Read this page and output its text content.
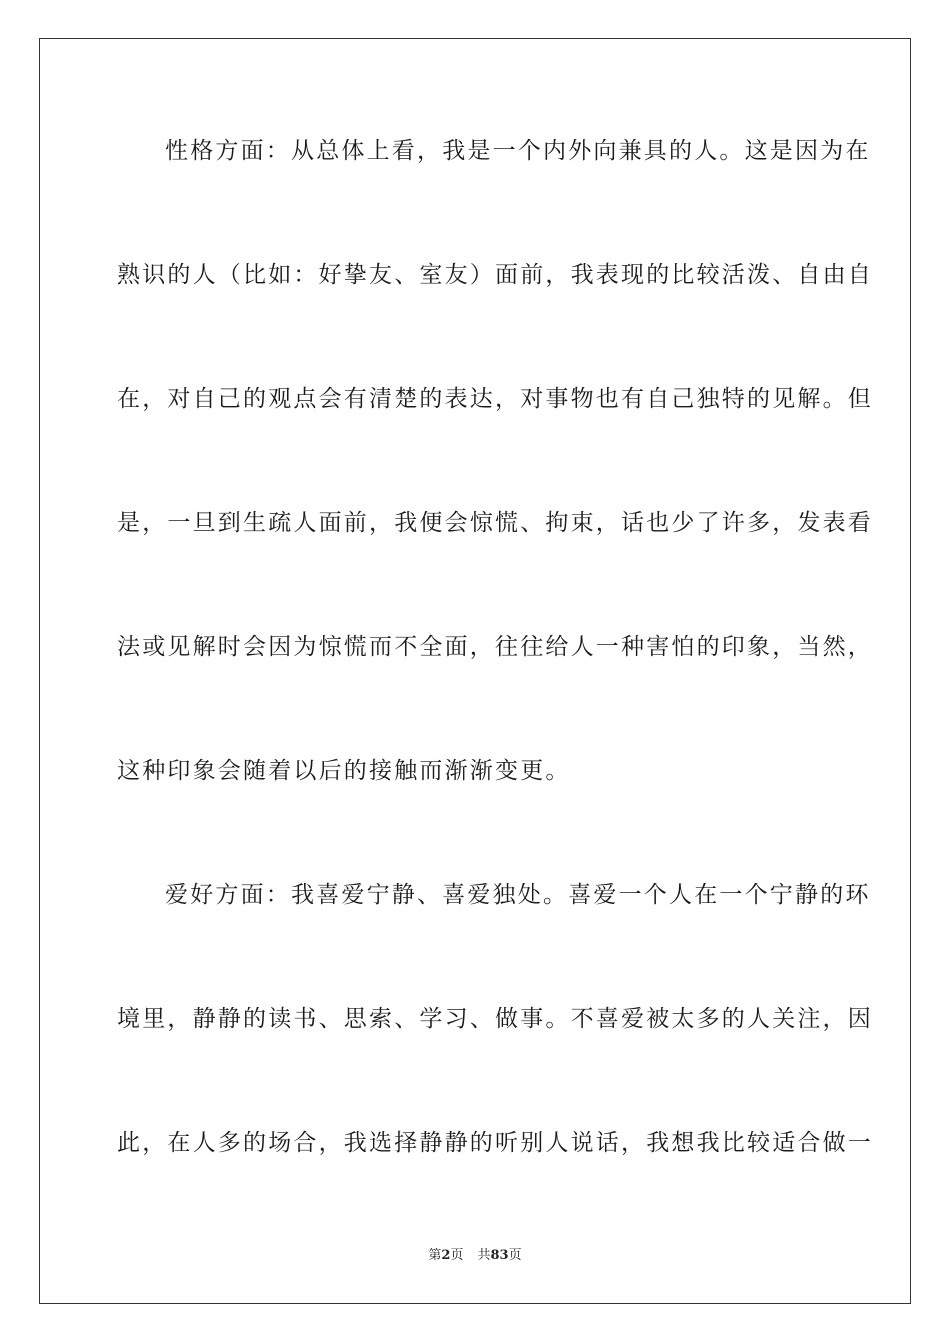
性格方面：从总体上看，我是一个内外向兼具的人。这是因为在
熟识的人（比如：好挚友、室友）面前，我表现的比较活泼、自由自
在，对自己的观点会有清楚的表达，对事物也有自己独特的见解。但
是，一旦到生疏人面前，我便会惊慌、拘束，话也少了许多，发表看
法或见解时会因为惊慌而不全面，往往给人一种害怕的印象，当然，
这种印象会随着以后的接触而渐渐变更。
爱好方面：我喜爱宁静、喜爱独处。喜爱一个人在一个宁静的环
境里，静静的读书、思索、学习、做事。不喜爱被太多的人关注，因
此，在人多的场合，我选择静静的听别人说话，我想我比较适合做一
第2页 共83页
